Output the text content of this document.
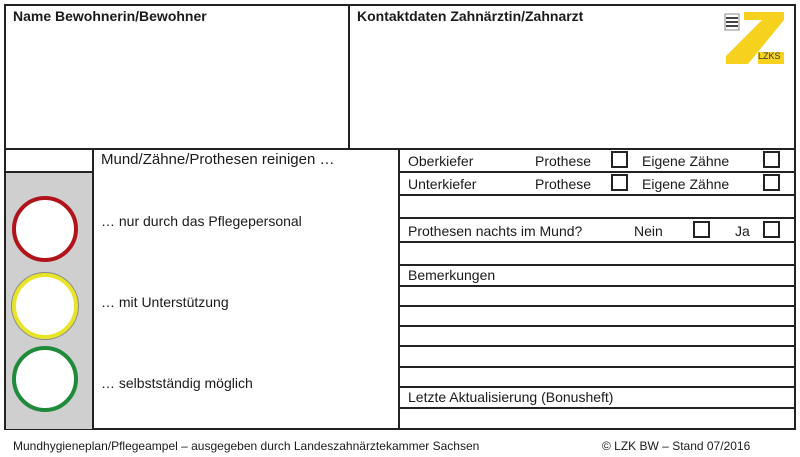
Name Bewohnerin/Bewohner	Kontaktdaten Zahnärztin/Zahnarzt
LZKS
Mund/Zähne/Prothesen reinigen …
… nur durch das Pflegepersonal
… mit Unterstützung
… selbstständig möglich
Oberkiefer	Prothese	Eigene Zähne
Unterkiefer	Prothese	Eigene Zähne
Prothesen nachts im Mund?	Nein	Ja
Bemerkungen
Letzte Aktualisierung (Bonusheft)
Mundhygieneplan/Pflegeampel – ausgegeben durch Landeszahnärztekammer Sachsen	© LZK BW – Stand 07/2016
